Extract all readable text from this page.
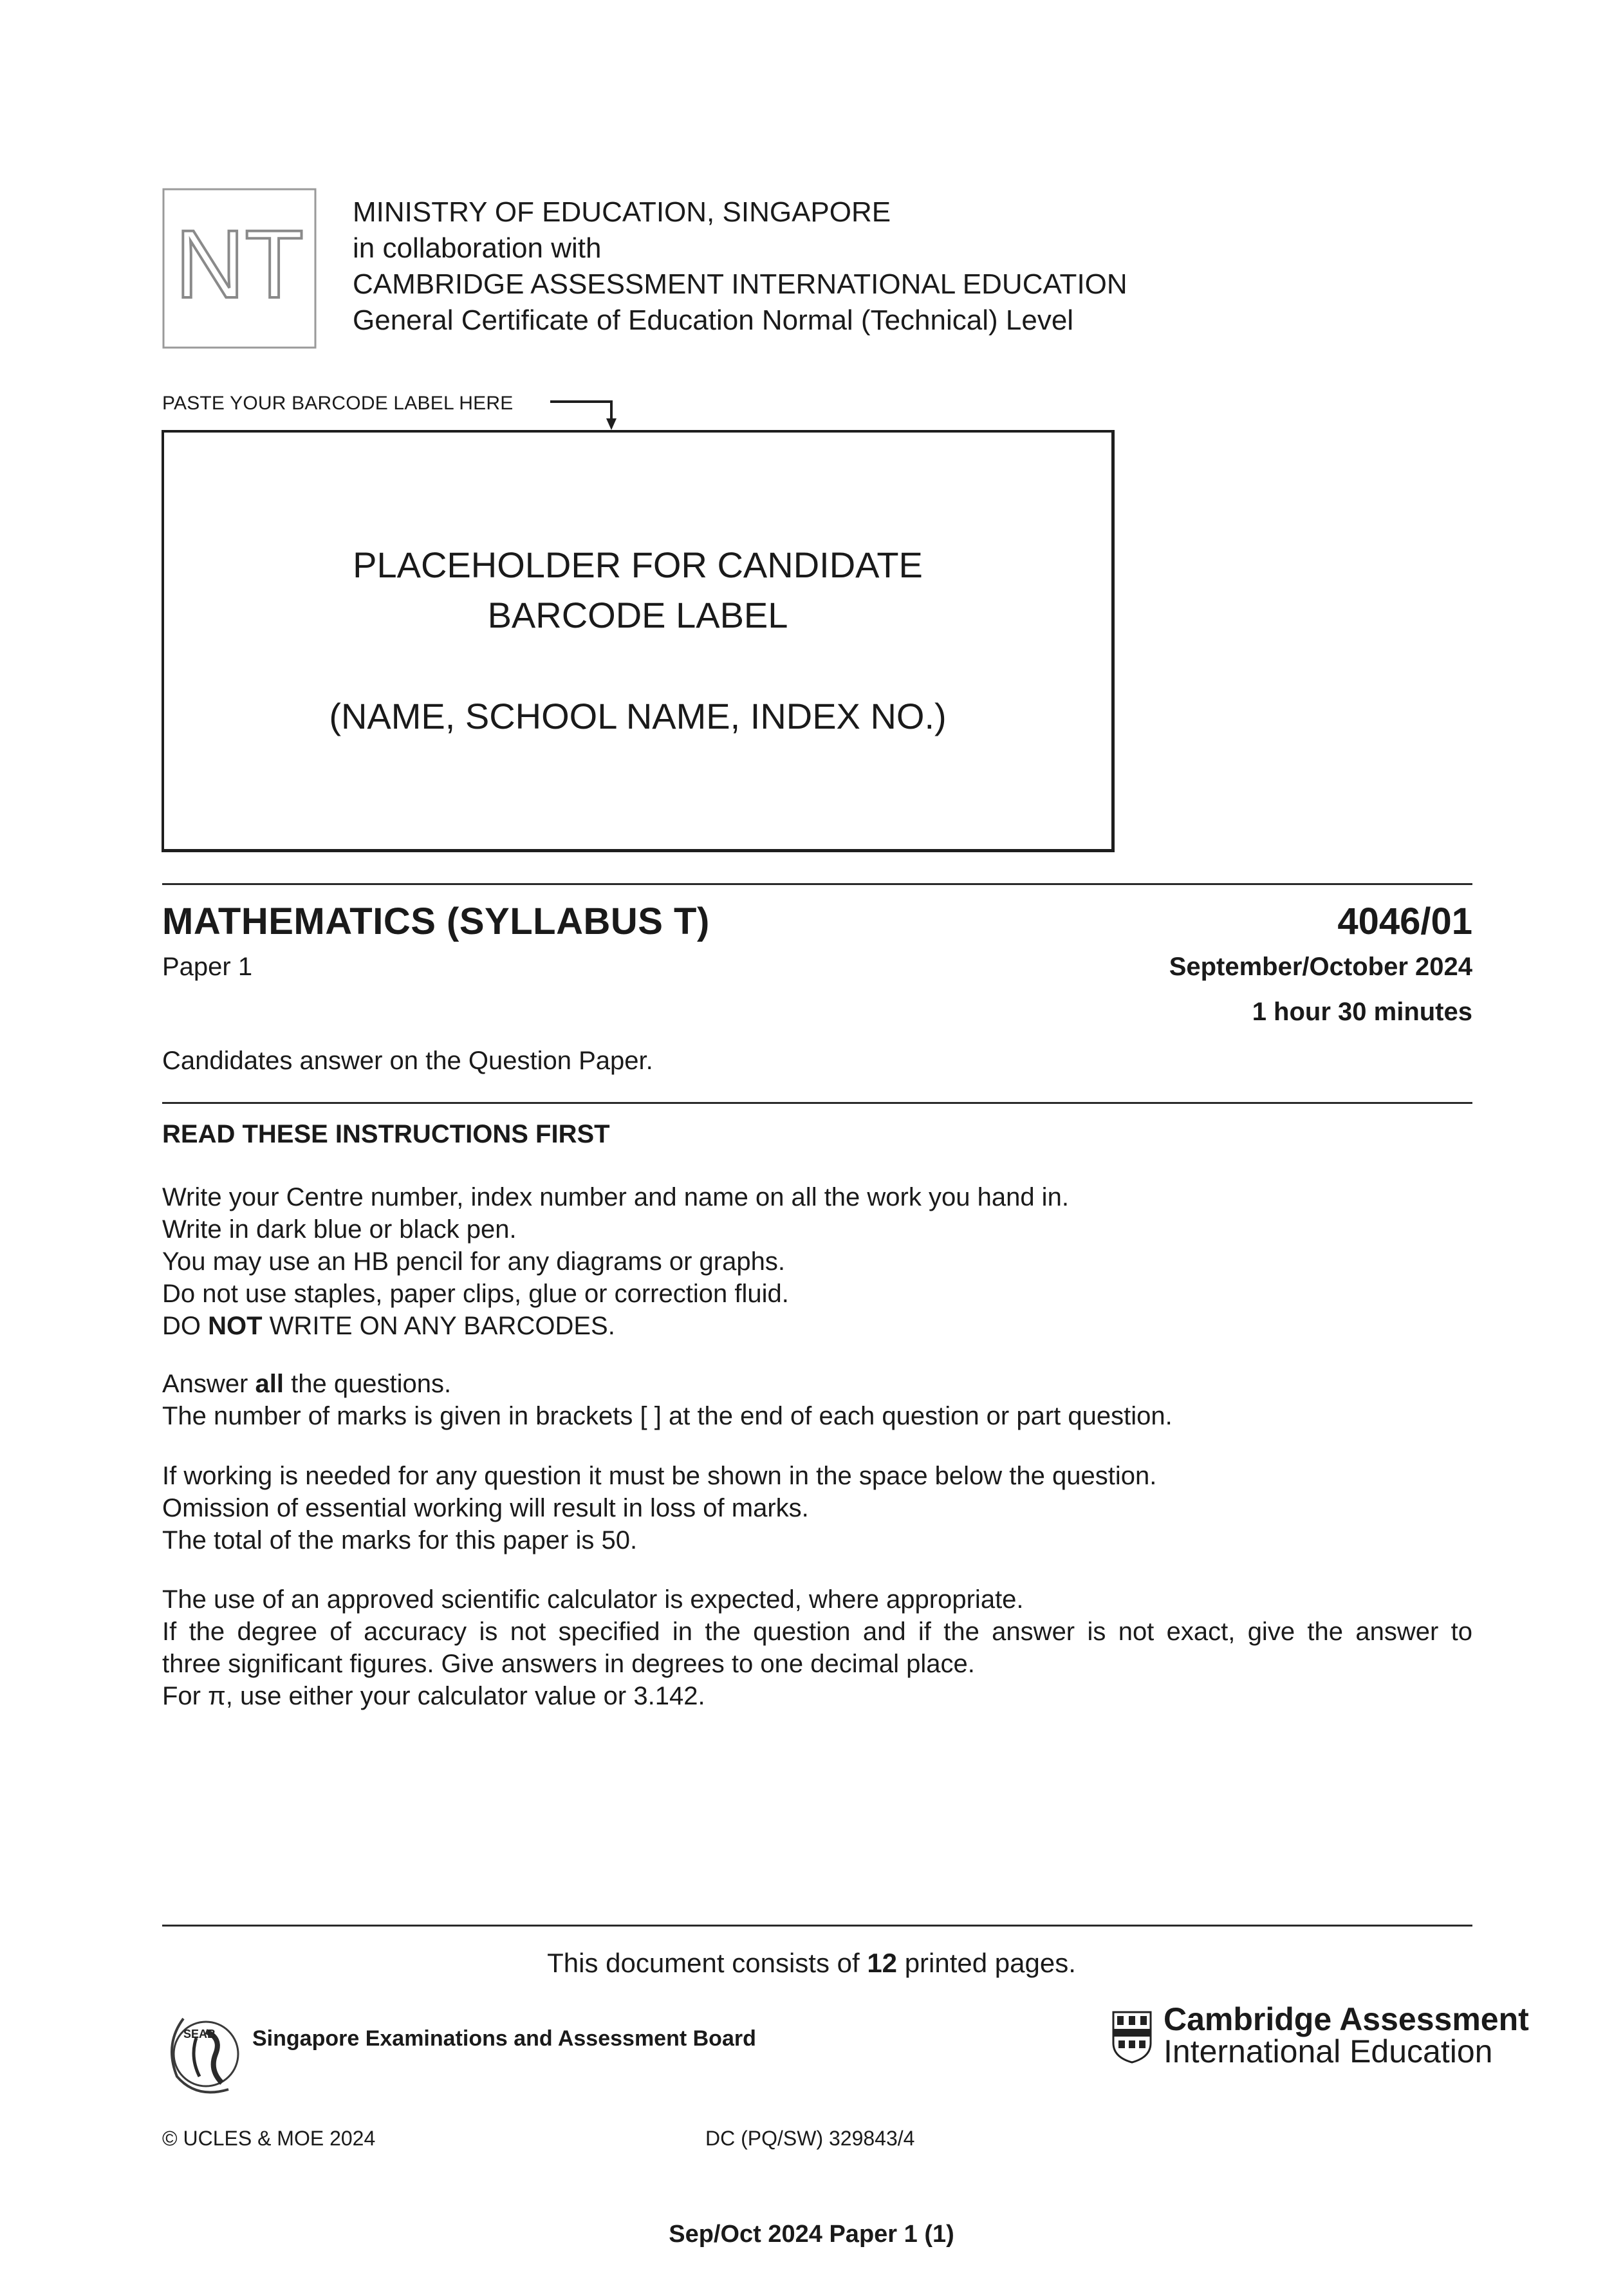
NT MINISTRY OF EDUCATION, SINGAPORE
in collaboration with
CAMBRIDGE ASSESSMENT INTERNATIONAL EDUCATION
General Certificate of Education Normal (Technical) Level
PASTE YOUR BARCODE LABEL HERE
PLACEHOLDER FOR CANDIDATE
BARCODE LABEL
(NAME, SCHOOL NAME, INDEX NO.)
MATHEMATICS (SYLLABUS T)	4046/01
Paper 1	September/October 2024
1 hour 30 minutes
Candidates answer on the Question Paper.
READ THESE INSTRUCTIONS FIRST
Write your Centre number, index number and name on all the work you hand in.
Write in dark blue or black pen.
You may use an HB pencil for any diagrams or graphs.
Do not use staples, paper clips, glue or correction fluid.
DO NOT WRITE ON ANY BARCODES.
Answer all the questions.
The number of marks is given in brackets [ ] at the end of each question or part question.
If working is needed for any question it must be shown in the space below the question.
Omission of essential working will result in loss of marks.
The total of the marks for this paper is 50.
The use of an approved scientific calculator is expected, where appropriate.
If the degree of accuracy is not specified in the question and if the answer is not exact, give the answer to
three significant figures. Give answers in degrees to one decimal place.
For π, use either your calculator value or 3.142.
This document consists of 12 printed pages.
SEAB Singapore Examinations and Assessment Board
Cambridge Assessment
International Education
© UCLES & MOE 2024	DC (PQ/SW) 329843/4
Sep/Oct 2024 Paper 1 (1)
